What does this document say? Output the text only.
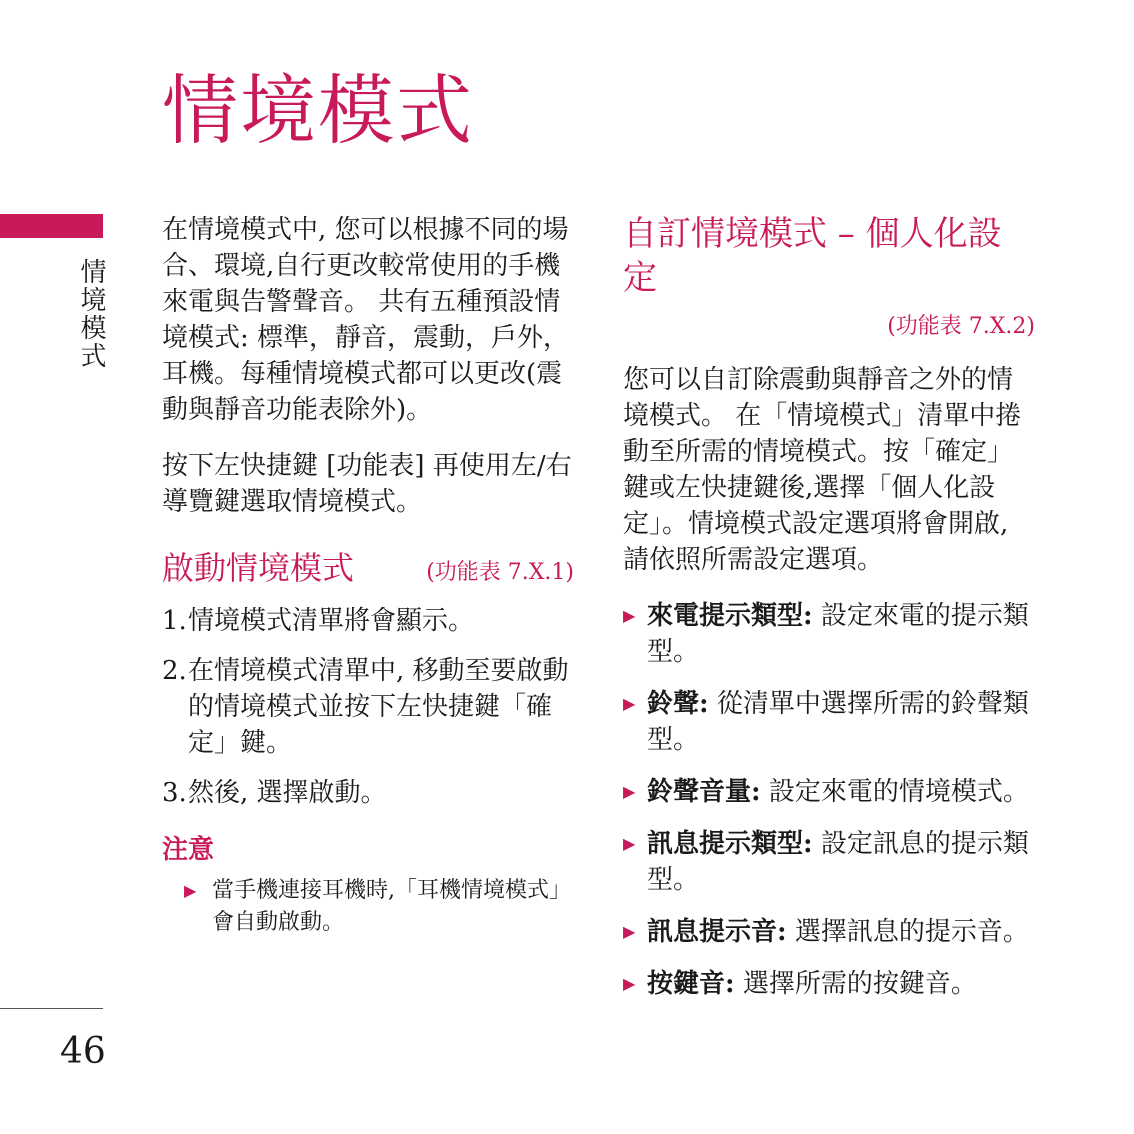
情境模式
情境模式
46

在情境模式中, 您可以根據不同的場合、環境,自行更改較常使用的手機來電與告警聲音。 共有五種預設情境模式: 標準，靜音，震動，戶外，耳機。每種情境模式都可以更改(震動與靜音功能表除外)。

按下左快捷鍵 [功能表] 再使用左/右導覽鍵選取情境模式。

啟動情境模式	(功能表 7.X.1)
1. 情境模式清單將會顯示。
2. 在情境模式清單中, 移動至要啟動的情境模式並按下左快捷鍵「確定」鍵。
3. 然後, 選擇啟動。
注意
▶ 當手機連接耳機時,「耳機情境模式」會自動啟動。
自訂情境模式 – 個人化設定
(功能表 7.X.2)

您可以自訂除震動與靜音之外的情境模式。 在「情境模式」清單中捲動至所需的情境模式。按「確定」鍵或左快捷鍵後,選擇「個人化設定」。情境模式設定選項將會開啟, 請依照所需設定選項。

▶ 來電提示類型: 設定來電的提示類型。
▶ 鈴聲: 從清單中選擇所需的鈴聲類型。
▶ 鈴聲音量: 設定來電的情境模式。
▶ 訊息提示類型: 設定訊息的提示類型。
▶ 訊息提示音: 選擇訊息的提示音。
▶ 按鍵音: 選擇所需的按鍵音。
